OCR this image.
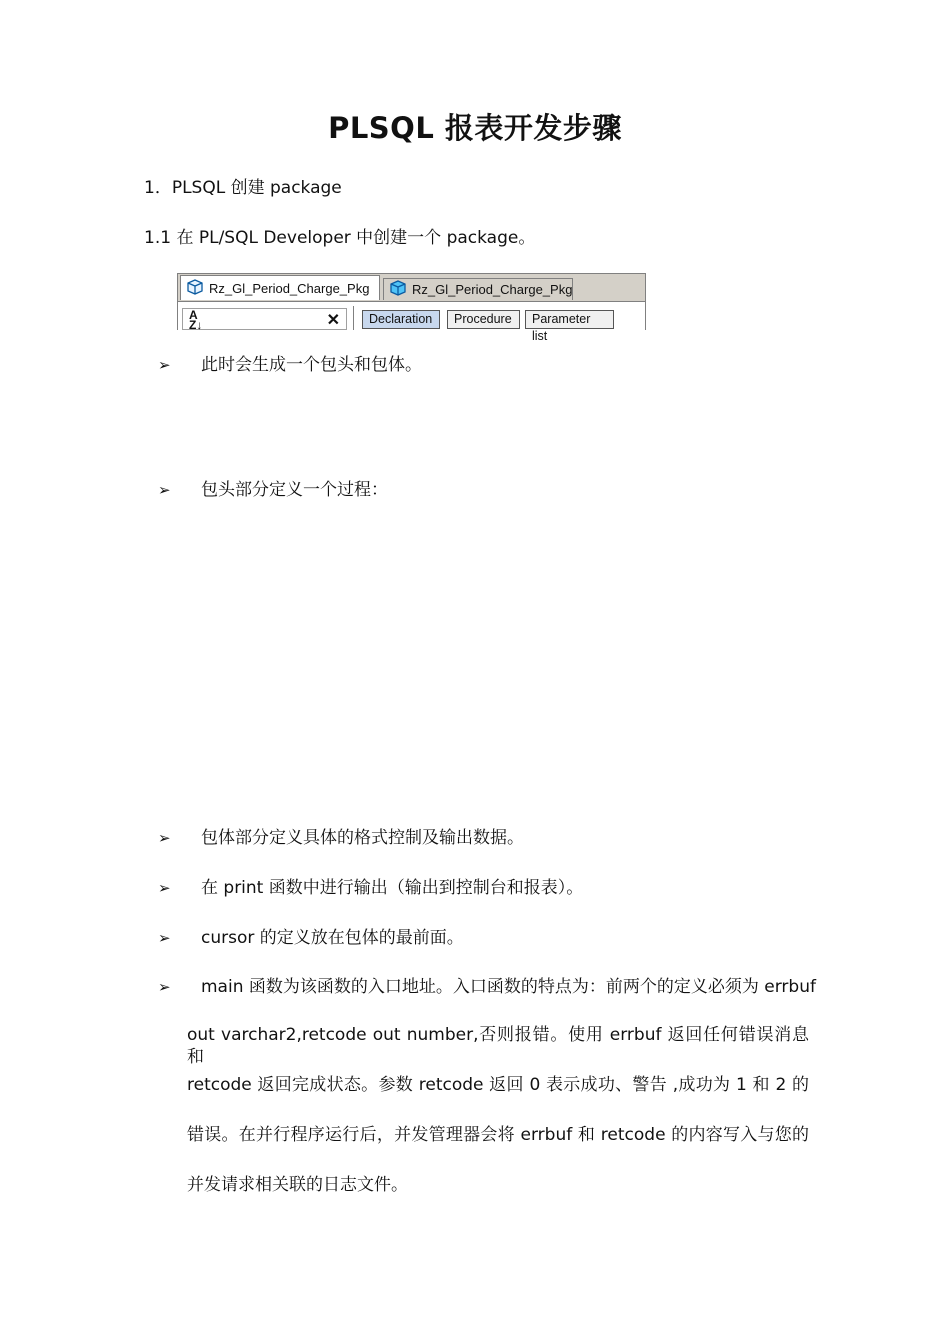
PLSQL 报表开发步骤
1．PLSQL 创建 package
1.1 在 PL/SQL Developer 中创建一个 package。
Rz_Gl_Period_Charge_Pkg	Rz_Gl_Period_Charge_Pkg
A
Z↓	✕	Declaration	Procedure	Parameter list
➢ 此时会生成一个包头和包体。
➢ 包头部分定义一个过程：
➢ 包体部分定义具体的格式控制及输出数据。
➢ 在 print 函数中进行输出（输出到控制台和报表）。
➢ cursor 的定义放在包体的最前面。
➢ main 函数为该函数的入口地址。入口函数的特点为：前两个的定义必须为 errbuf
out varchar2,retcode out number,否则报错。使用 errbuf 返回任何错误消息和
retcode 返回完成状态。参数 retcode 返回 0 表示成功、警告 ,成功为 1 和 2 的
错误。在并行程序运行后，并发管理器会将 errbuf 和 retcode 的内容写入与您的
并发请求相关联的日志文件。
